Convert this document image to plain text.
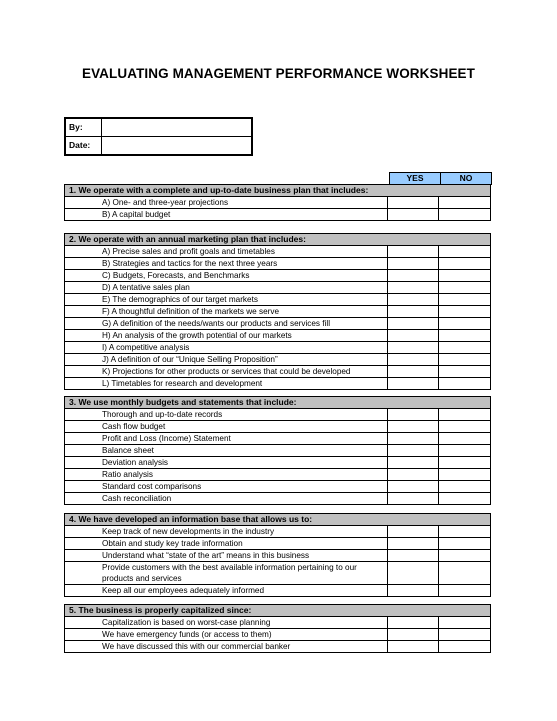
EVALUATING MANAGEMENT PERFORMANCE WORKSHEET
By:
Date:
YES	NO
1. We operate with a complete and up-to-date business plan that includes:
A) One- and three-year projections
B) A capital budget
2. We operate with an annual marketing plan that includes:
A) Precise sales and profit goals and timetables
B) Strategies and tactics for the next three years
C) Budgets, Forecasts, and Benchmarks
D) A tentative sales plan
E) The demographics of our target markets
F) A thoughtful definition of the markets we serve
G) A definition of the needs/wants our products and services fill
H) An analysis of the growth potential of our markets
I) A competitive analysis
J) A definition of our “Unique Selling Proposition”
K) Projections for other products or services that could be developed
L) Timetables for research and development
3. We use monthly budgets and statements that include:
Thorough and up-to-date records
Cash flow budget
Profit and Loss (Income) Statement
Balance sheet
Deviation analysis
Ratio analysis
Standard cost comparisons
Cash reconciliation
4. We have developed an information base that allows us to:
Keep track of new developments in the industry
Obtain and study key trade information
Understand what “state of the art” means in this business
Provide customers with the best available information pertaining to our products and services
Keep all our employees adequately informed
5. The business is properly capitalized since:
Capitalization is based on worst-case planning
We have emergency funds (or access to them)
We have discussed this with our commercial banker
